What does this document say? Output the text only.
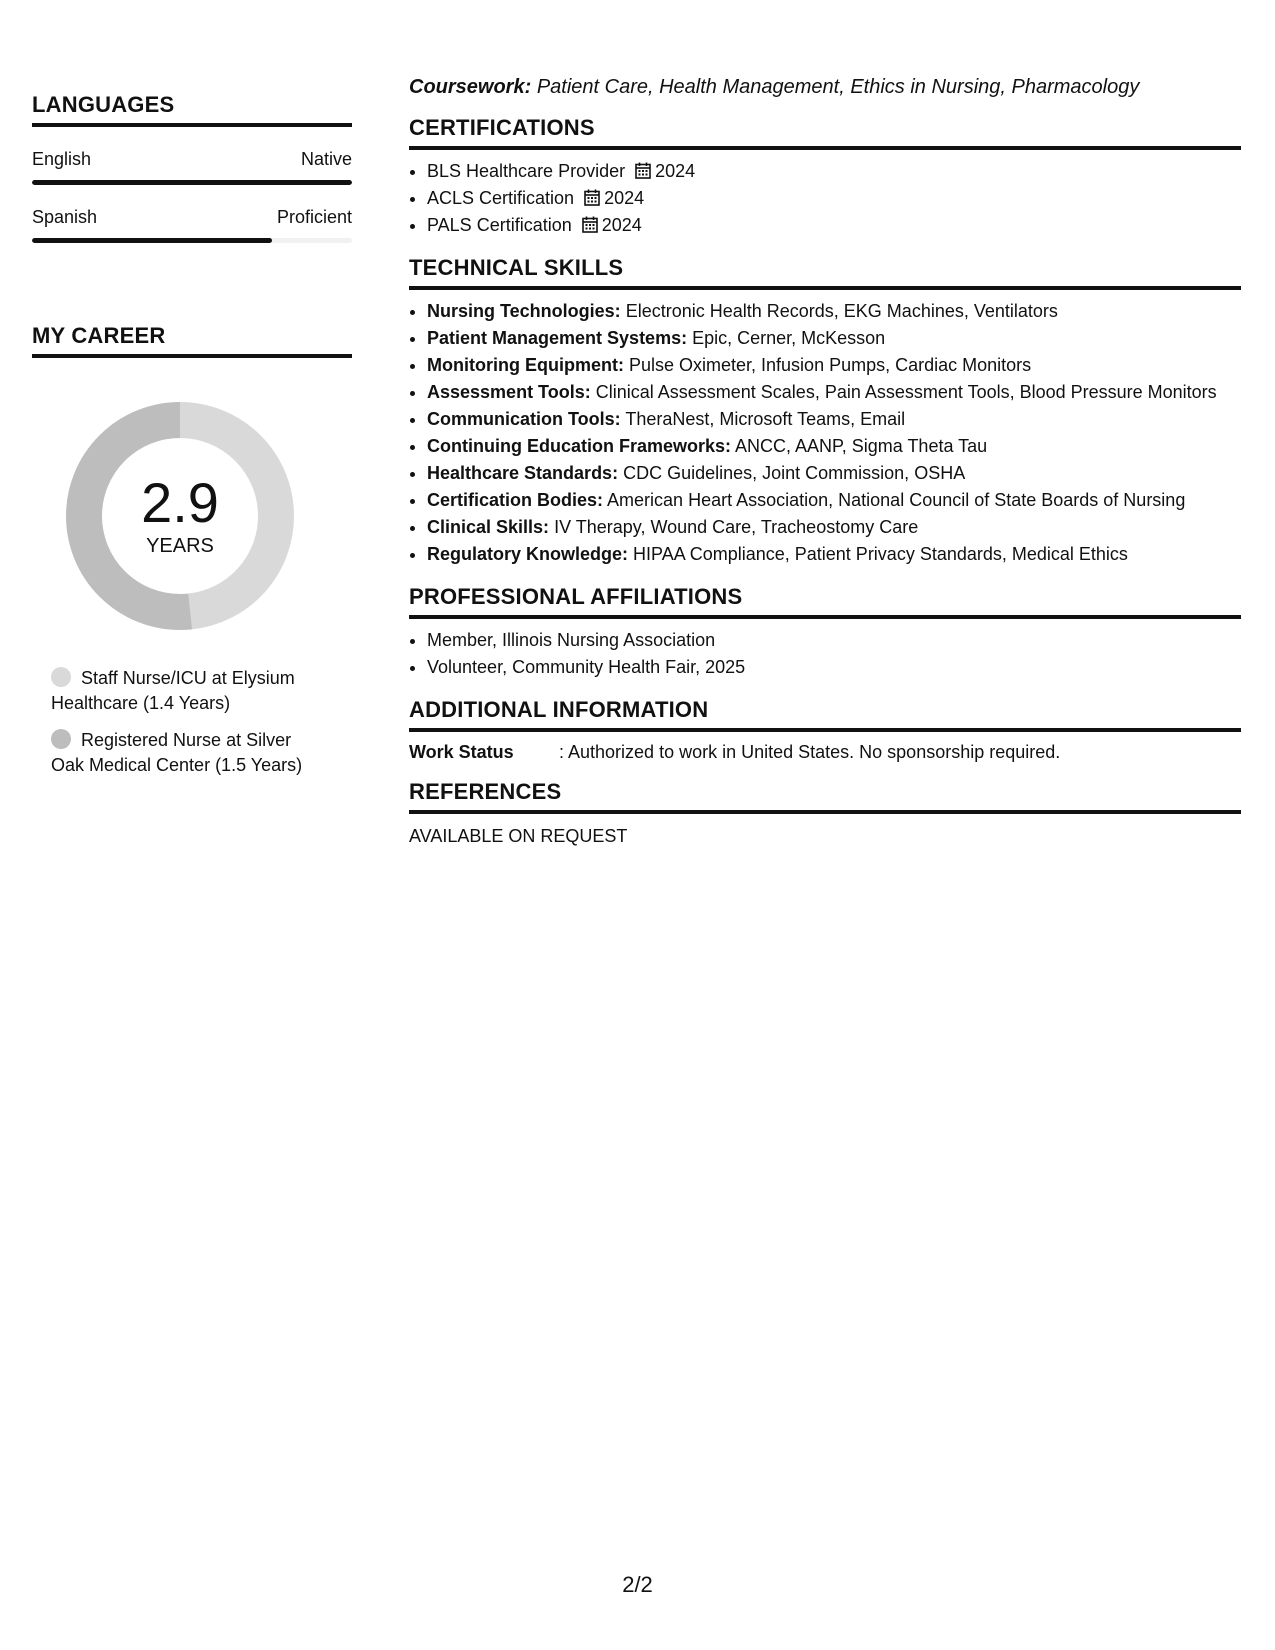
LANGUAGES
English	Native
Spanish	Proficient
MY CAREER
2.9
YEARS
Staff Nurse/ICU at Elysium Healthcare (1.4 Years)
Registered Nurse at Silver Oak Medical Center (1.5 Years)
Coursework: Patient Care, Health Management, Ethics in Nursing, Pharmacology
CERTIFICATIONS
• BLS Healthcare Provider 2024
• ACLS Certification 2024
• PALS Certification 2024
TECHNICAL SKILLS
• Nursing Technologies: Electronic Health Records, EKG Machines, Ventilators
• Patient Management Systems: Epic, Cerner, McKesson
• Monitoring Equipment: Pulse Oximeter, Infusion Pumps, Cardiac Monitors
• Assessment Tools: Clinical Assessment Scales, Pain Assessment Tools, Blood Pressure Monitors
• Communication Tools: TheraNest, Microsoft Teams, Email
• Continuing Education Frameworks: ANCC, AANP, Sigma Theta Tau
• Healthcare Standards: CDC Guidelines, Joint Commission, OSHA
• Certification Bodies: American Heart Association, National Council of State Boards of Nursing
• Clinical Skills: IV Therapy, Wound Care, Tracheostomy Care
• Regulatory Knowledge: HIPAA Compliance, Patient Privacy Standards, Medical Ethics
PROFESSIONAL AFFILIATIONS
• Member, Illinois Nursing Association
• Volunteer, Community Health Fair, 2025
ADDITIONAL INFORMATION
Work Status	: Authorized to work in United States. No sponsorship required.
REFERENCES
AVAILABLE ON REQUEST
2/2
